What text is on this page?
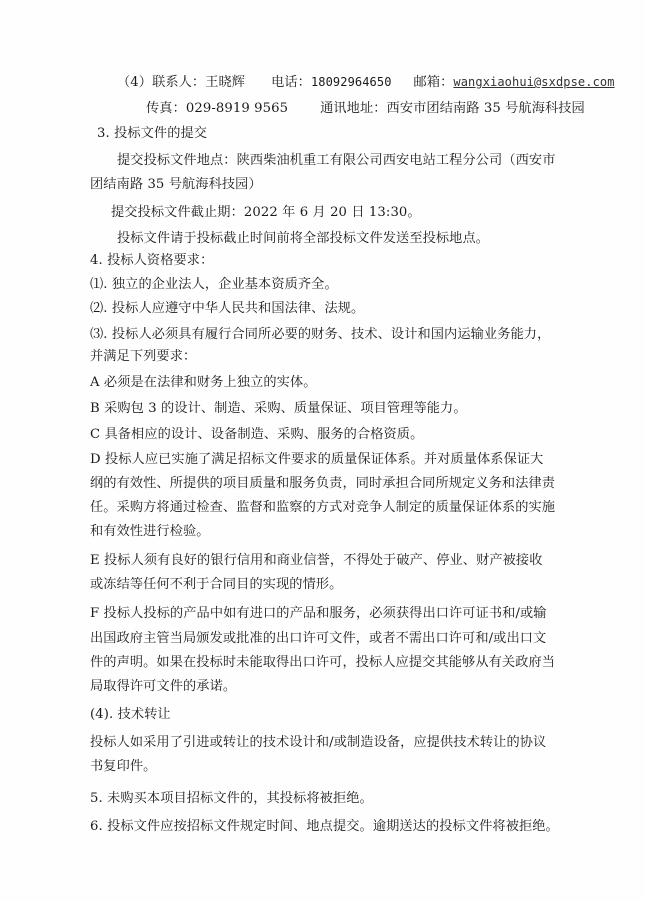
（4）联系人：王晓辉 电话：18092964650 邮箱：wangxiaohui@sxdpse.com
传真：029-8919 9565 通讯地址：西安市团结南路 35 号航海科技园
3. 投标文件的提交
提交投标文件地点：陕西柴油机重工有限公司西安电站工程分公司（西安市
团结南路 35 号航海科技园）
提交投标文件截止期：2022 年 6 月 20 日 13:30。
投标文件请于投标截止时间前将全部投标文件发送至投标地点。
4. 投标人资格要求：
⑴. 独立的企业法人，企业基本资质齐全。
⑵. 投标人应遵守中华人民共和国法律、法规。
⑶. 投标人必须具有履行合同所必要的财务、技术、设计和国内运输业务能力，
并满足下列要求：
A 必须是在法律和财务上独立的实体。
B 采购包 3 的设计、制造、采购、质量保证、项目管理等能力。
C 具备相应的设计、设备制造、采购、服务的合格资质。
D 投标人应已实施了满足招标文件要求的质量保证体系。并对质量体系保证大
纲的有效性、所提供的项目质量和服务负责，同时承担合同所规定义务和法律责
任。采购方将通过检查、监督和监察的方式对竞争人制定的质量保证体系的实施
和有效性进行检验。
E 投标人须有良好的银行信用和商业信誉，不得处于破产、停业、财产被接收
或冻结等任何不利于合同目的实现的情形。
F 投标人投标的产品中如有进口的产品和服务，必须获得出口许可证书和/或输
出国政府主管当局颁发或批准的出口许可文件，或者不需出口许可和/或出口文
件的声明。如果在投标时未能取得出口许可，投标人应提交其能够从有关政府当
局取得许可文件的承诺。
(4). 技术转让
投标人如采用了引进或转让的技术设计和/或制造设备，应提供技术转让的协议
书复印件。
5. 未购买本项目招标文件的，其投标将被拒绝。
6. 投标文件应按招标文件规定时间、地点提交。逾期送达的投标文件将被拒绝。
